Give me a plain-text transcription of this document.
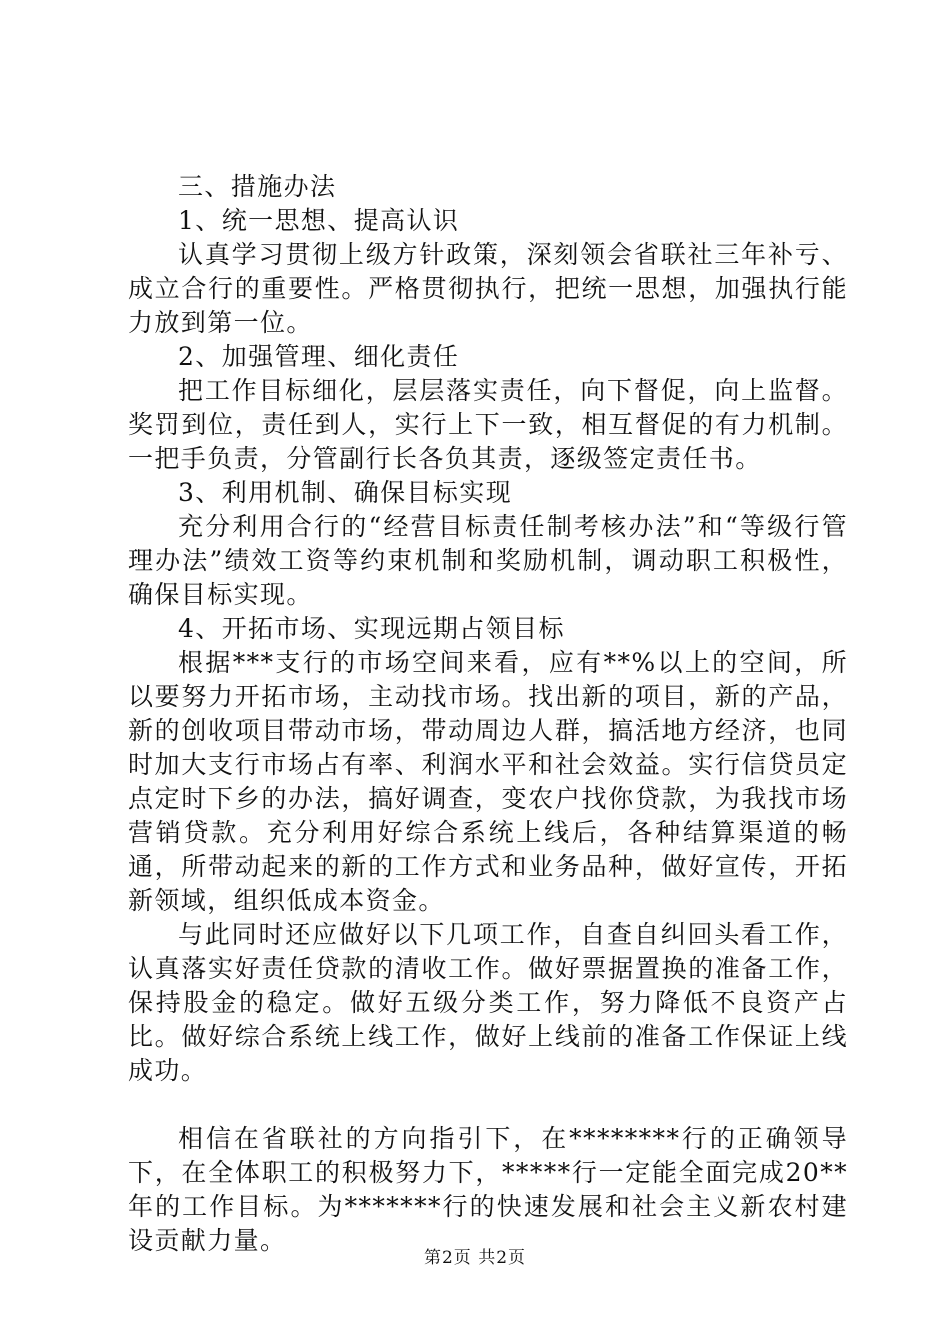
三、措施办法

1、统一思想、提高认识

认真学习贯彻上级方针政策，深刻领会省联社三年补亏、成立合行的重要性。严格贯彻执行，把统一思想，加强执行能力放到第一位。

2、加强管理、细化责任

把工作目标细化，层层落实责任，向下督促，向上监督。奖罚到位，责任到人，实行上下一致，相互督促的有力机制。一把手负责，分管副行长各负其责，逐级签定责任书。

3、利用机制、确保目标实现

充分利用合行的“经营目标责任制考核办法”和“等级行管理办法”绩效工资等约束机制和奖励机制，调动职工积极性，确保目标实现。

4、开拓市场、实现远期占领目标

根据***支行的市场空间来看，应有**%以上的空间，所以要努力开拓市场，主动找市场。找出新的项目，新的产品，新的创收项目带动市场，带动周边人群，搞活地方经济，也同时加大支行市场占有率、利润水平和社会效益。实行信贷员定点定时下乡的办法，搞好调查，变农户找你贷款，为我找市场营销贷款。充分利用好综合系统上线后，各种结算渠道的畅通，所带动起来的新的工作方式和业务品种，做好宣传，开拓新领域，组织低成本资金。

与此同时还应做好以下几项工作，自查自纠回头看工作，认真落实好责任贷款的清收工作。做好票据置换的准备工作，保持股金的稳定。做好五级分类工作，努力降低不良资产占比。做好综合系统上线工作，做好上线前的准备工作保证上线成功。

相信在省联社的方向指引下，在********行的正确领导下，在全体职工的积极努力下，*****行一定能全面完成20**年的工作目标。为*******行的快速发展和社会主义新农村建设贡献力量。

第2页 共2页
